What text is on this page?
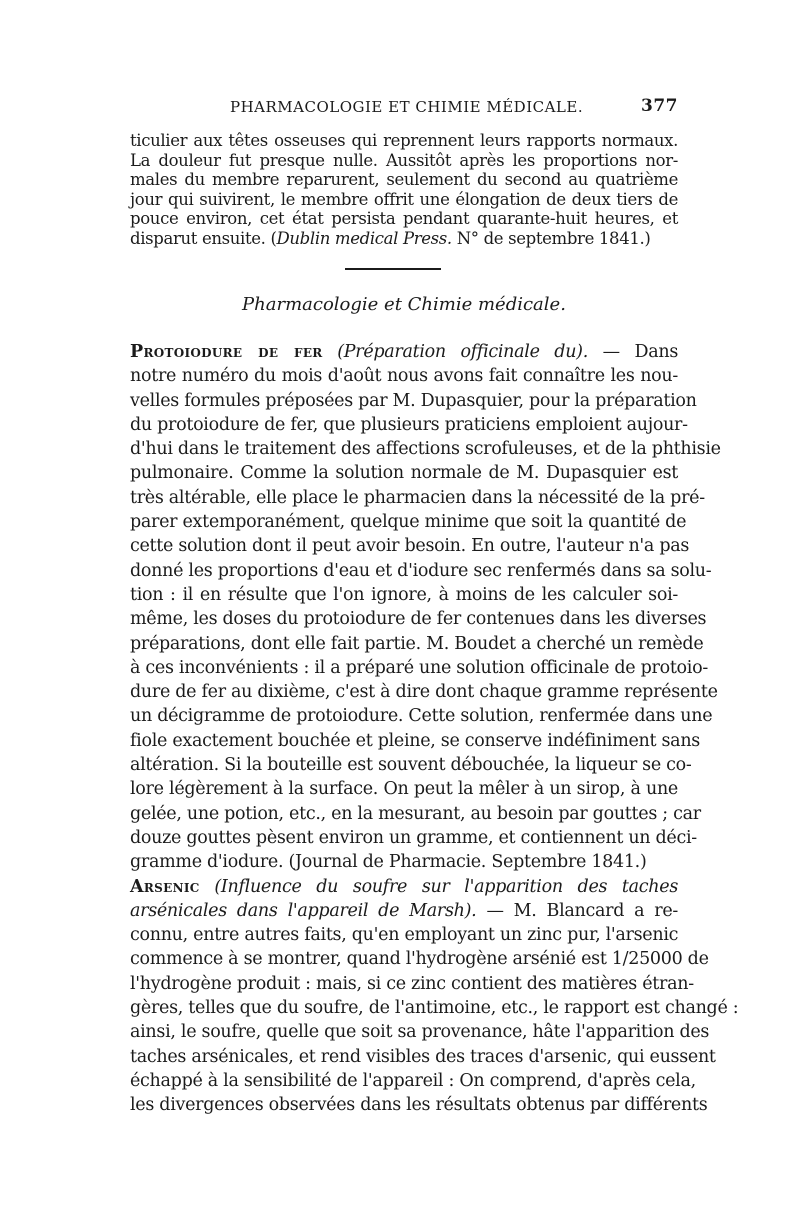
PHARMACOLOGIE ET CHIMIE MÉDICALE.	377
ticulier aux têtes osseuses qui reprennent leurs rapports normaux.
La douleur fut presque nulle. Aussitôt après les proportions nor-
males du membre reparurent, seulement du second au quatrième
jour qui suivirent, le membre offrit une élongation de deux tiers de
pouce environ, cet état persista pendant quarante-huit heures, et
disparut ensuite. (Dublin medical Press. N° de septembre 1841.)
Pharmacologie et Chimie médicale.
Protoiodure de fer (Préparation officinale du). — Dans
notre numéro du mois d'août nous avons fait connaître les nou-
velles formules préposées par M. Dupasquier, pour la préparation
du protoiodure de fer, que plusieurs praticiens emploient aujour-
d'hui dans le traitement des affections scrofuleuses, et de la phthisie
pulmonaire. Comme la solution normale de M. Dupasquier est
très altérable, elle place le pharmacien dans la nécessité de la pré-
parer extemporanément, quelque minime que soit la quantité de
cette solution dont il peut avoir besoin. En outre, l'auteur n'a pas
donné les proportions d'eau et d'iodure sec renfermés dans sa solu-
tion : il en résulte que l'on ignore, à moins de les calculer soi-
même, les doses du protoiodure de fer contenues dans les diverses
préparations, dont elle fait partie. M. Boudet a cherché un remède
à ces inconvénients : il a préparé une solution officinale de protoio-
dure de fer au dixième, c'est à dire dont chaque gramme représente
un décigramme de protoiodure. Cette solution, renfermée dans une
fiole exactement bouchée et pleine, se conserve indéfiniment sans
altération. Si la bouteille est souvent débouchée, la liqueur se co-
lore légèrement à la surface. On peut la mêler à un sirop, à une
gelée, une potion, etc., en la mesurant, au besoin par gouttes ; car
douze gouttes pèsent environ un gramme, et contiennent un déci-
gramme d'iodure. (Journal de Pharmacie. Septembre 1841.)
Arsenic (Influence du soufre sur l'apparition des taches
arsénicales dans l'appareil de Marsh). — M. Blancard a re-
connu, entre autres faits, qu'en employant un zinc pur, l'arsenic
commence à se montrer, quand l'hydrogène arsénié est 1/25000 de
l'hydrogène produit : mais, si ce zinc contient des matières étran-
gères, telles que du soufre, de l'antimoine, etc., le rapport est changé :
ainsi, le soufre, quelle que soit sa provenance, hâte l'apparition des
taches arsénicales, et rend visibles des traces d'arsenic, qui eussent
échappé à la sensibilité de l'appareil : On comprend, d'après cela,
les divergences observées dans les résultats obtenus par différents
